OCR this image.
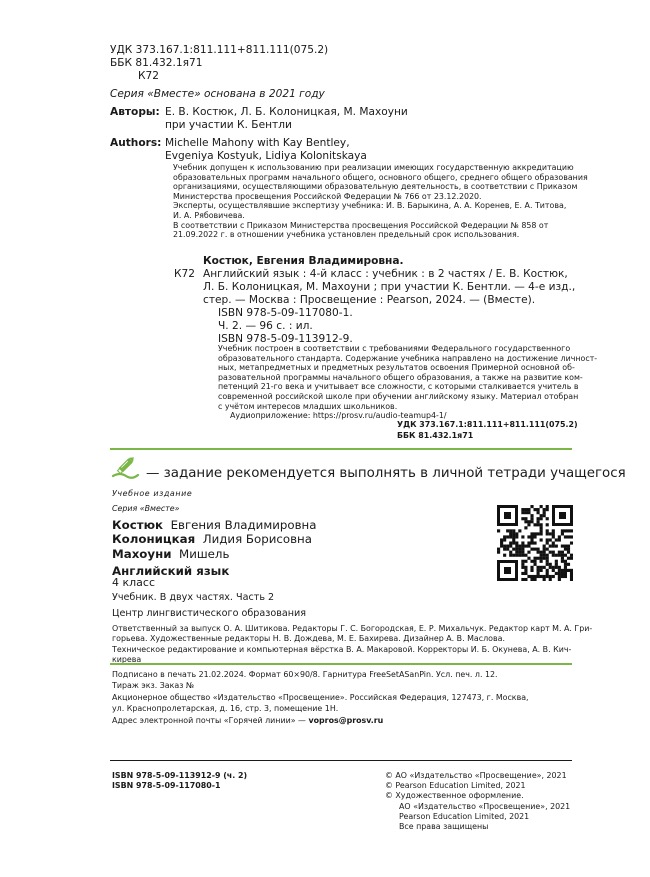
УДК 373.167.1:811.111+811.111(075.2)
ББК 81.432.1я71
К72
Серия «Вместе» основана в 2021 году
Авторы: Е. В. Костюк, Л. Б. Колоницкая, М. Махоуни
при участии К. Бентли
Authors: Michelle Mahony with Kay Bentley,
Evgeniya Kostyuk, Lidiya Kolonitskaya
Учебник допущен к использованию при реализации имеющих государственную аккредитацию
образовательных программ начального общего, основного общего, среднего общего образования
организациями, осуществляющими образовательную деятельность, в соответствии с Приказом
Министерства просвещения Российской Федерации № 766 от 23.12.2020.
Эксперты, осуществлявшие экспертизу учебника: И. В. Барыкина, А. А. Коренев, Е. А. Титова,
И. А. Рябовичева.
В соответствии с Приказом Министерства просвещения Российской Федерации № 858 от
21.09.2022 г. в отношении учебника установлен предельный срок использования.
Костюк, Евгения Владимировна.
К72 Английский язык : 4-й класс : учебник : в 2 частях / Е. В. Костюк,
Л. Б. Колоницкая, М. Махоуни ; при участии К. Бентли. — 4-е изд.,
стер. — Москва : Просвещение : Pearson, 2024. — (Вместе).
ISBN 978-5-09-117080-1.
Ч. 2. — 96 с. : ил.
ISBN 978-5-09-113912-9.
Учебник построен в соответствии с требованиями Федерального государственного
образовательного стандарта. Содержание учебника направлено на достижение личност-
ных, метапредметных и предметных результатов освоения Примерной основной об-
разовательной программы начального общего образования, а также на развитие ком-
петенций 21-го века и учитывает все сложности, с которыми сталкивается учитель в
современной российской школе при обучении английскому языку. Материал отобран
с учётом интересов младших школьников.
Аудиоприложение: https://prosv.ru/audio-teamup4-1/
УДК 373.167.1:811.111+811.111(075.2)
ББК 81.432.1я71
— задание рекомендуется выполнять в личной тетради учащегося
Учебное издание
Серия «Вместе»
Костюк Евгения Владимировна
Колоницкая Лидия Борисовна
Махоуни Мишель
Английский язык
4 класс
Учебник. В двух частях. Часть 2
Центр лингвистического образования
Ответственный за выпуск О. А. Шитикова. Редакторы Г. С. Богородская, Е. Р. Михальчук. Редактор карт М. А. Гри-
горьева. Художественные редакторы Н. В. Дождева, М. Е. Бахирева. Дизайнер А. В. Маслова.
Техническое редактирование и компьютерная вёрстка В. А. Макаровой. Корректоры И. Б. Окунева, А. В. Кич-
кирева
Подписано в печать 21.02.2024. Формат 60×90/8. Гарнитура FreeSetASanPin. Усл. печ. л. 12.
Тираж экз. Заказ №
Акционерное общество «Издательство «Просвещение». Российская Федерация, 127473, г. Москва,
ул. Краснопролетарская, д. 16, стр. 3, помещение 1Н.
Адрес электронной почты «Горячей линии» — vopros@prosv.ru
ISBN 978-5-09-113912-9 (ч. 2)
ISBN 978-5-09-117080-1
© АО «Издательство «Просвещение», 2021
© Pearson Education Limited, 2021
© Художественное оформление.
АО «Издательство «Просвещение», 2021
Pearson Education Limited, 2021
Все права защищены
